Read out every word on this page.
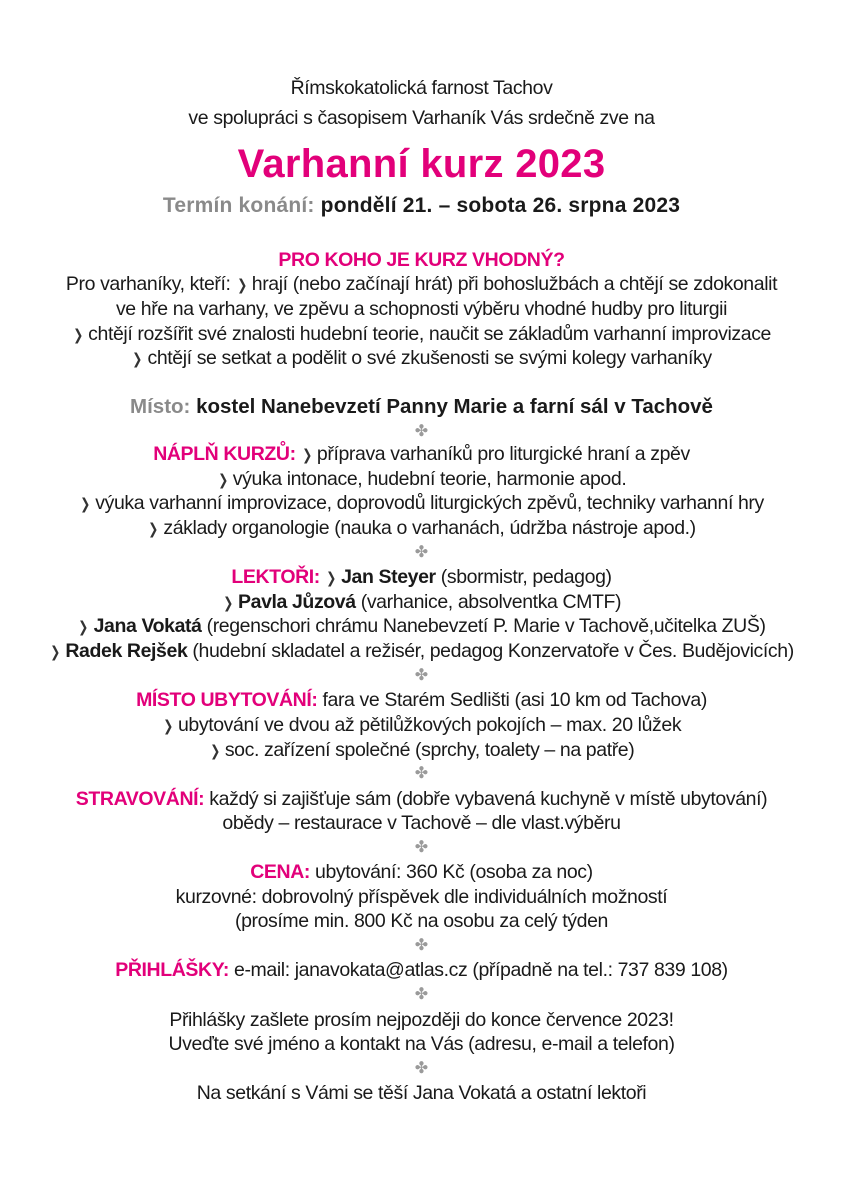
Římskokatolická farnost Tachov
ve spolupráci s časopisem Varhaník Vás srdečně zve na
Varhanní kurz 2023
Termín konání: pondělí 21. – sobota 26. srpna 2023
PRO KOHO JE KURZ VHODNÝ?
Pro varhaníky, kteří: ❯ hrají (nebo začínají hrát) při bohoslužbách a chtějí se zdokonalit
ve hře na varhany, ve zpěvu a schopnosti výběru vhodné hudby pro liturgii
❯ chtějí rozšířit své znalosti hudební teorie, naučit se základům varhanní improvizace
❯ chtějí se setkat a podělit o své zkušenosti se svými kolegy varhaníky
Místo: kostel Nanebevzetí Panny Marie a farní sál v Tachově
✤
NÁPLŇ KURZŮ: ❯ příprava varhaníků pro liturgické hraní a zpěv
❯ výuka intonace, hudební teorie, harmonie apod.
❯ výuka varhanní improvizace, doprovodů liturgických zpěvů, techniky varhanní hry
❯ základy organologie (nauka o varhanách, údržba nástroje apod.)
✤
LEKTOŘI: ❯ Jan Steyer (sbormistr, pedagog)
❯ Pavla Jůzová (varhanice, absolventka CMTF)
❯ Jana Vokatá (regenschori chrámu Nanebevzetí P. Marie v Tachově,učitelka ZUŠ)
❯ Radek Rejšek (hudební skladatel a režisér, pedagog Konzervatoře v Čes. Budějovicích)
✤
MÍSTO UBYTOVÁNÍ: fara ve Starém Sedlišti (asi 10 km od Tachova)
❯ ubytování ve dvou až pětilůžkových pokojích – max. 20 lůžek
❯ soc. zařízení společné (sprchy, toalety – na patře)
✤
STRAVOVÁNÍ: každý si zajišťuje sám (dobře vybavená kuchyně v místě ubytování)
obědy – restaurace v Tachově – dle vlast.výběru
✤
CENA: ubytování: 360 Kč (osoba za noc)
kurzovné: dobrovolný příspěvek dle individuálních možností
(prosíme min. 800 Kč na osobu za celý týden
✤
PŘIHLÁŠKY: e-mail: janavokata@atlas.cz (případně na tel.: 737 839 108)
✤
Přihlášky zašlete prosím nejpozději do konce července 2023!
Uveďte své jméno a kontakt na Vás (adresu, e-mail a telefon)
✤
Na setkání s Vámi se těší Jana Vokatá a ostatní lektoři
